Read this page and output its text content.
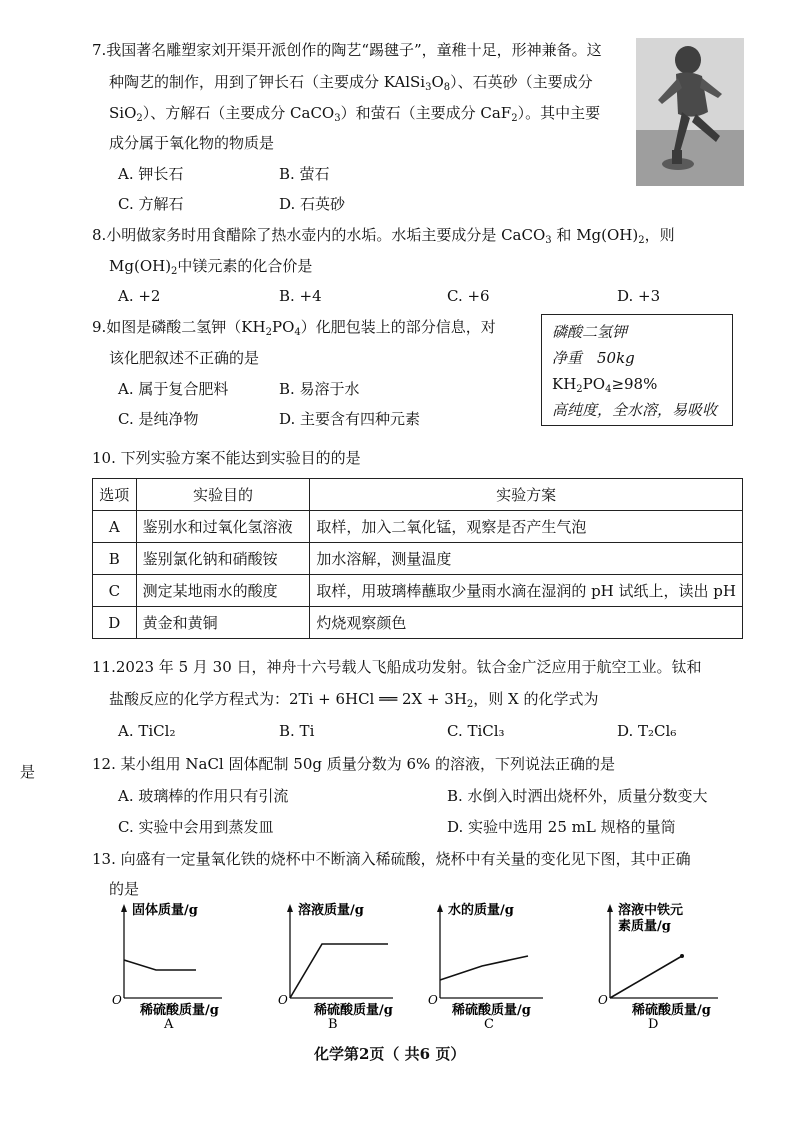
7.我国著名雕塑家刘开渠开派创作的陶艺“踢毽子”，童稚十足，形神兼备。这
种陶艺的制作，用到了钾长石（主要成分 $KAlSi_3O_8$）、石英砂（主要成分
SiO$_2$）、方解石（主要成分 CaCO$_3$）和萤石（主要成分 CaF$_2$）。其中主要
成分属于氧化物的物质是
A. 钾长石	B. 萤石
C. 方解石	D. 石英砂
8.小明做家务时用食醋除了热水壶内的水垢。水垢主要成分是 CaCO$_3$ 和 $Mg(OH)_2$，则
$Mg(OH)_2$中镁元素的化合价是
A. +2	B. +4	C. +6	D. +3
9.如图是磷酸二氢钾$(KH_2PO_4)$化肥包装上的部分信息，对
该化肥叙述不正确的是
A. 属于复合肥料	B. 易溶于水
C. 是纯净物	D. 主要含有四种元素
磷酸二氢钾
净重　50kg
$KH_2PO_4\ge 98\%$
高纯度，全水溶，易吸收
10. 下列实验方案不能达到实验目的的是
选项	实验目的	实验方案
A	鉴别水和过氧化氢溶液	取样，加入二氧化锰，观察是否产生气泡
B	鉴别氯化钠和硝酸铵	加水溶解，测量温度
C	测定某地雨水的酸度	取样，用玻璃棒蘸取少量雨水滴在湿润的 pH 试纸上，读出 pH
D	黄金和黄铜	灼烧观察颜色
11.2023 年 5 月 30 日，神舟十六号载人飞船成功发射。钛合金广泛应用于航空工业。钛和
盐酸反应的化学方程式为：2Ti + 6HCl ══ $2X + 3H_2$，则 X 的化学式为
A. TiCl₂	B. Ti	C. TiCl₃	D. T₂Cl₆
是	12. 某小组用 NaCl 固体配制 50g 质量分数为 6% 的溶液，下列说法正确的是
A. 玻璃棒的作用只有引流	B. 水倒入时洒出烧杯外，质量分数变大
C. 实验中会用到蒸发皿	D. 实验中选用 25 mL 规格的量筒
13. 向盛有一定量氧化铁的烧杯中不断滴入稀硫酸，烧杯中有关量的变化见下图，其中正确
的是
固体质量/g
O
稀硫酸质量/g
A
溶液质量/g
O
稀硫酸质量/g
B
水的质量/g
O
稀硫酸质量/g
C
溶液中铁元
素质量/g
O
稀硫酸质量/g
D
化学第2页（ 共6 页）
